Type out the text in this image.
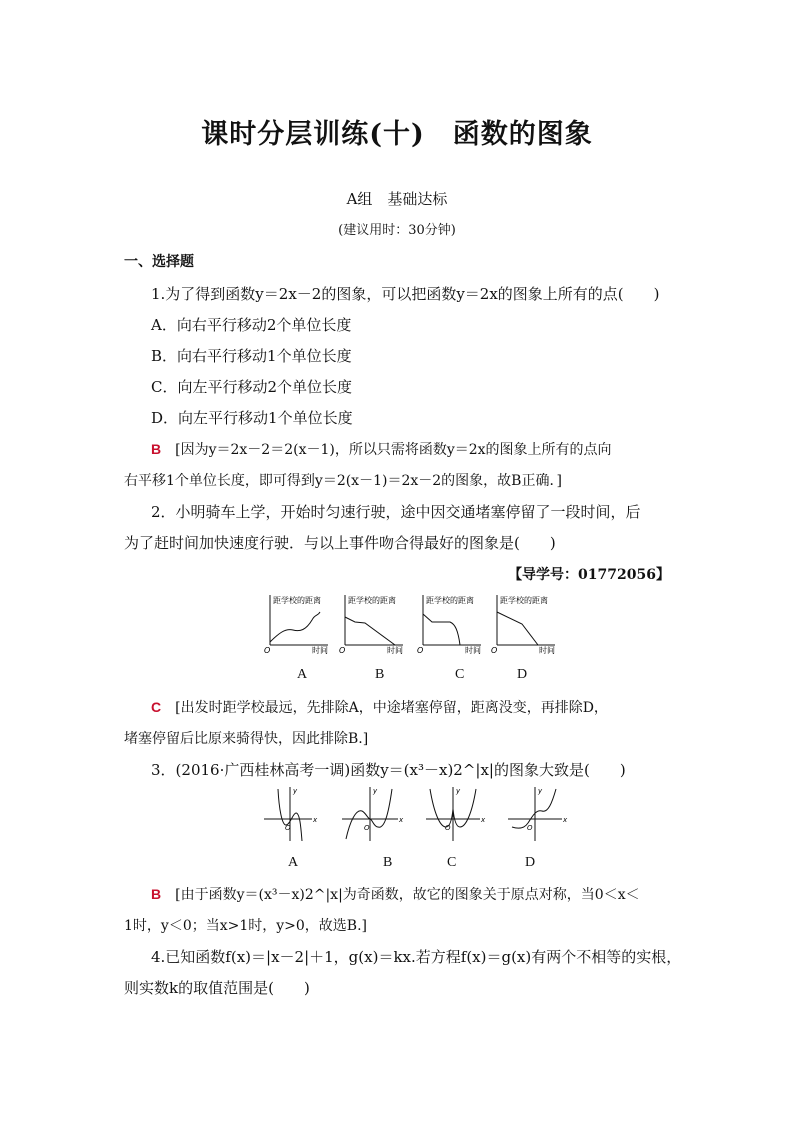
课时分层训练(十)　函数的图象
A组　基础达标
(建议用时：30分钟)
一、选择题
1.为了得到函数y＝2x－2的图象，可以把函数y＝2x的图象上所有的点(　　)
A．向右平行移动2个单位长度
B．向右平行移动1个单位长度
C．向左平行移动2个单位长度
D．向左平行移动1个单位长度
B　 [因为y＝2x－2＝2(x－1)，所以只需将函数y＝2x的图象上所有的点向
右平移1个单位长度，即可得到y＝2(x－1)＝2x－2的图象，故B正确．]
2．小明骑车上学，开始时匀速行驶，途中因交通堵塞停留了一段时间，后
为了赶时间加快速度行驶．与以上事件吻合得最好的图象是(　　)
【导学号：01772056】
距学校的距离
O	时间
距学校的距离
O	时间
距学校的距离
O	时间
距学校的距离
O	时间
A	B	C	D
C　 [出发时距学校最远，先排除A，中途堵塞停留，距离没变，再排除D，
堵塞停留后比原来骑得快，因此排除B.]
3．(2016·广西桂林高考一调)函数y＝(x³－x)2^|x|的图象大致是(　　)
y
x
O
y
x
O
y
x
O
y
x
O
A	B	C	D
B　 [由于函数y＝(x³－x)2^|x|为奇函数，故它的图象关于原点对称，当0＜x＜
1时，y＜0；当x>1时，y>0，故选B.]
4.已知函数f(x)＝|x－2|＋1，g(x)＝kx.若方程f(x)＝g(x)有两个不相等的实根，
则实数k的取值范围是(　　)
